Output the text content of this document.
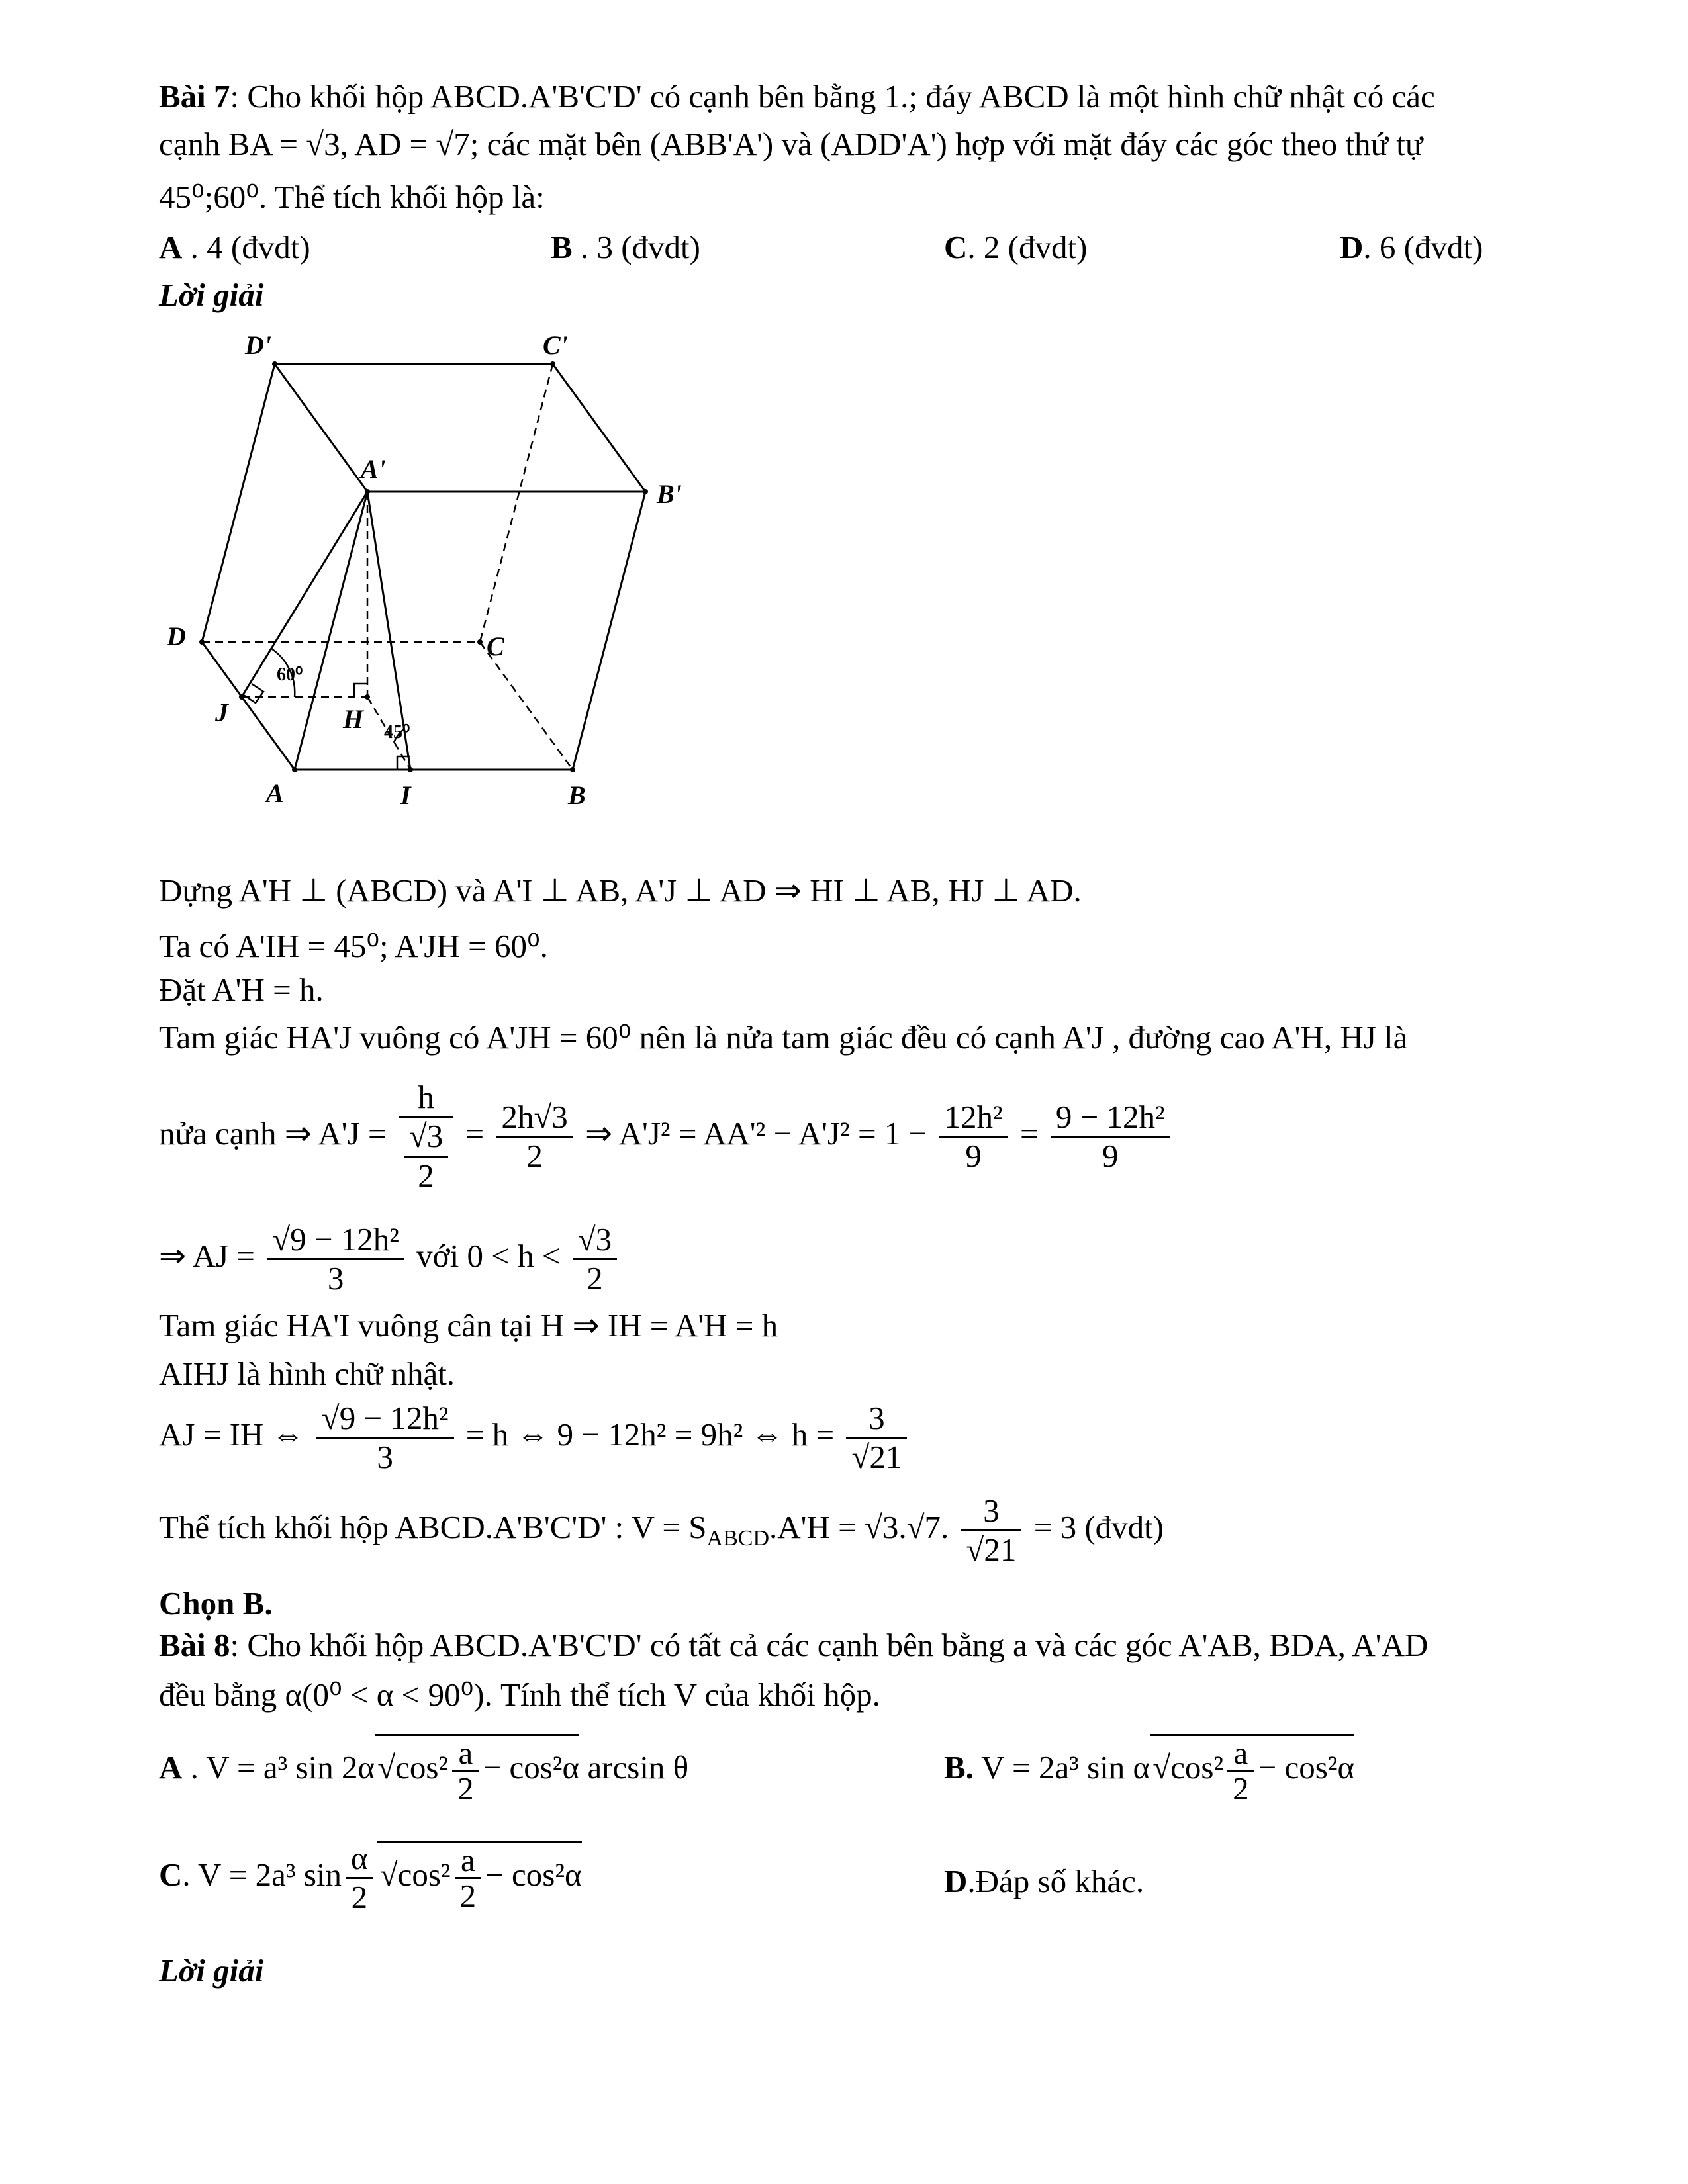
Bài 7: Cho khối hộp ABCD.A'B'C'D' có cạnh bên bằng 1.; đáy ABCD là một hình chữ nhật có các
cạnh BA = √3, AD = √7; các mặt bên (ABB'A') và (ADD'A') hợp với mặt đáy các góc theo thứ tự
45⁰;60⁰. Thể tích khối hộp là:
A . 4 (đvdt)	B . 3 (đvdt)	C. 2 (đvdt)	D. 6 (đvdt)
Lời giải
D'	C'
A'
B'
D	C
J	H
A	I	B
60⁰
45⁰
Dựng A'H ⊥ (ABCD) và A'I ⊥ AB, A'J ⊥ AD ⇒ HI ⊥ AB, HJ ⊥ AD.
Ta có A'IH = 45⁰; A'JH = 60⁰.
Đặt A'H = h.
Tam giác HA'J vuông có A'JH = 60⁰ nên là nửa tam giác đều có cạnh A'J , đường cao A'H, HJ là
nửa cạnh ⇒ $A'J = \frac{h}{\frac{√3}{2}} = \frac{2h√3}{2}$ ⇒ $A'J^2 = AA'^2 - A'J^2 = 1 - \frac{\text{12h²}}{9} = \frac{\text{9 − 12h²}}{9}$
⇒ AJ = $\frac{\text{√9 − 12h²}}{3}$ với $0 < h < \frac{√3}{2}$
Tam giác HA'I vuông cân tại H ⇒ IH = A'H = h
AIHJ là hình chữ nhật.
AJ = IH ⇔ $\frac{\text{√9 − 12h²}}{3} = h$ ⇔ 9 − 12h² = 9h² ⇔ $h = \frac{3}{√21}$
Thể tích khối hộp ABCD.A'B'C'D' : $V = S_{ABCD}.A'H = √3.√7$. $\frac{3}{√21} = 3$ (đvdt)
Chọn B.
Bài 8: Cho khối hộp ABCD.A'B'C'D' có tất cả các cạnh bên bằng a và các góc A'AB, BDA, A'AD
đều bằng α(0⁰ < α < 90⁰). Tính thể tích V của khối hộp.
A . V = a³ $\sin 2\alpha√\cos^2 \frac{a}{2} - \cos^2\alpha$ arcsin θ	B. V = 2a³ $\sin \alpha√\cos^2 \frac{a}{2} - \cos^2\alpha$
C. V = 2a³ $\sin \frac{\alpha}{2} √\cos^2 \frac{a}{2} - \cos^2\alpha$	D.Đáp số khác.
Lời giải
